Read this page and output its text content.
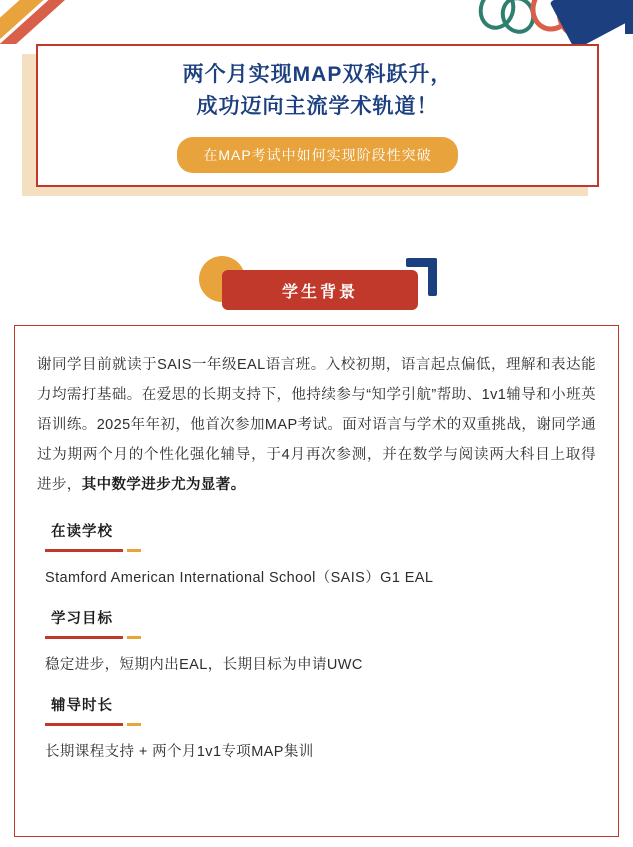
两个月实现MAP双科跃升，
成功迈向主流学术轨道！
在MAP考试中如何实现阶段性突破
学生背景
谢同学目前就读于SAIS一年级EAL语言班。入校初期，语言起点偏低，理解和表达能力均需打基础。在爱思的长期支持下，他持续参与“知学引航”帮助、1v1辅导和小班英语训练。2025年年初，他首次参加MAP考试。面对语言与学术的双重挑战，谢同学通过为期两个月的个性化强化辅导，于4月再次参测，并在数学与阅读两大科目上取得进步，其中数学进步尤为显著。
在读学校
Stamford American International School（SAIS）G1 EAL
学习目标
稳定进步，短期内出EAL，长期目标为申请UWC
辅导时长
长期课程支持 + 两个月1v1专项MAP集训
